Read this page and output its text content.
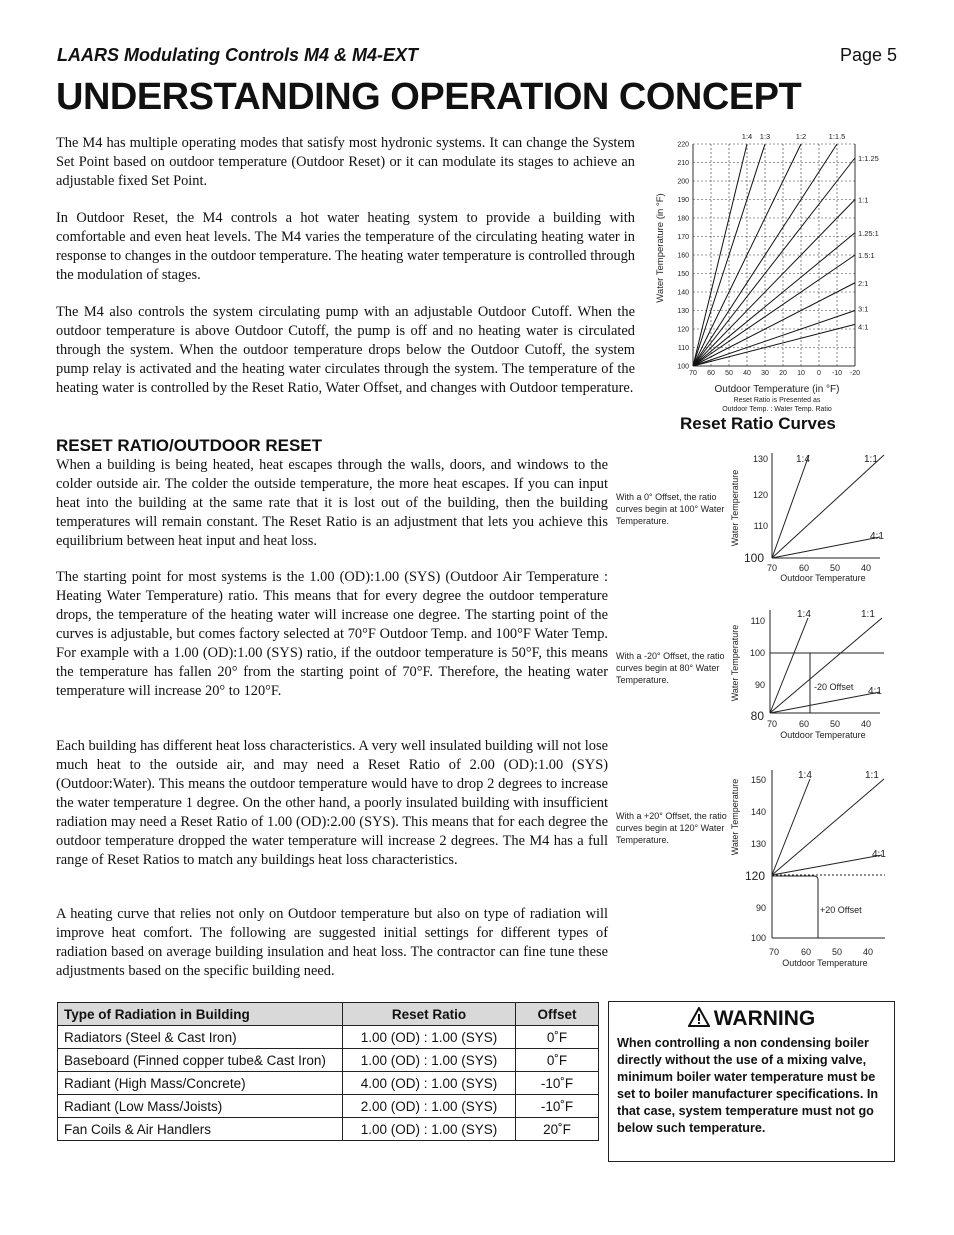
LAARS Modulating Controls M4 & M4-EXT	Page 5
UNDERSTANDING OPERATION CONCEPT

The M4 has multiple operating modes that satisfy most hydronic systems. It can change the System Set Point based on outdoor temperature (Outdoor Reset) or it can modulate its stages to achieve an adjustable fixed Set Point.

In Outdoor Reset, the M4 controls a hot water heating system to provide a building with comfortable and even heat levels. The M4 varies the temperature of the circulating heating water in response to changes in the outdoor temperature. The heating water temperature is controlled through the modulation of stages.

The M4 also controls the system circulating pump with an adjustable Outdoor Cutoff. When the outdoor temperature is above Outdoor Cutoff, the pump is off and no heating water is circulated through the system. When the outdoor temperature drops below the Outdoor Cutoff, the system pump relay is activated and the heating water circulates through the system. The temperature of the heating water is controlled by the Reset Ratio, Water Offset, and changes with Outdoor temperature.

RESET RATIO/OUTDOOR RESET

When a building is being heated, heat escapes through the walls, doors, and windows to the colder outside air. The colder the outside temperature, the more heat escapes. If you can input heat into the building at the same rate that it is lost out of the building, then the building temperatures will remain constant. The Reset Ratio is an adjustment that lets you achieve this equilibrium between heat input and heat loss.

The starting point for most systems is the 1.00 (OD):1.00 (SYS) (Outdoor Air Temperature : Heating Water Temperature) ratio. This means that for every degree the outdoor temperature drops, the temperature of the heating water will increase one degree. The starting point of the curves is adjustable, but comes factory selected at 70°F Outdoor Temp. and 100°F Water Temp. For example with a 1.00 (OD):1.00 (SYS) ratio, if the outdoor temperature is 50°F, this means the temperature has fallen 20° from the starting point of 70°F. Therefore, the heating water temperature will increase 20° to 120°F.

Each building has different heat loss characteristics. A very well insulated building will not lose much heat to the outside air, and may need a Reset Ratio of 2.00 (OD):1.00 (SYS) (Outdoor:Water). This means the outdoor temperature would have to drop 2 degrees to increase the water temperature 1 degree. On the other hand, a poorly insulated building with insufficient radiation may need a Reset Ratio of 1.00 (OD):2.00 (SYS). This means that for each degree the outdoor temperature dropped the water temperature will increase 2 degrees. The M4 has a full range of Reset Ratios to match any buildings heat loss characteristics.

A heating curve that relies not only on Outdoor temperature but also on type of radiation will improve heat comfort. The following are suggested initial settings for different types of radiation based on average building insulation and heat loss. The contractor can fine tune these adjustments based on the specific building need.

70 60 50 40 30 20 10 0 -10 -20
100
110
120
130
140
150
160
170
180
190
200
210
220
1:4 1:3	1:2	1:1.5
1:1.25
1:1
1.25:1
1.5:1
2:1
3:1
4:1
Water Temperature (in °F)
Outdoor Temperature (in °F)
Reset Ratio is Presented as
Outdoor Temp. : Water Temp. Ratio
Reset Ratio Curves

With a 0° Offset, the ratio curves begin at 100° Water Temperature.

With a -20° Offset, the ratio curves begin at 80° Water Temperature.

With a +20° Offset, the ratio curves begin at 120° Water Temperature.

Water Temperature
130
120
110
100
1:4	1:1
4:1
70 60 50 40
Outdoor Temperature
Water Temperature
110
100
90
80
1:4	1:1
4:1
-20 Offset
70 60 50 40
Outdoor Temperature
Water Temperature 150
140
130
120
90
100
1:4	1:1
4:1
+20 Offset
70 60 50 40
Outdoor Temperature
Type of Radiation in Building	Reset Ratio	Offset
Radiators (Steel & Cast Iron)	1.00 (OD) : 1.00 (SYS)	0˚F
Baseboard (Finned copper tube& Cast Iron)	1.00 (OD) : 1.00 (SYS)	0˚F
Radiant (High Mass/Concrete)	4.00 (OD) : 1.00 (SYS)	-10˚F
Radiant (Low Mass/Joists)	2.00 (OD) : 1.00 (SYS)	-10˚F
Fan Coils & Air Handlers	1.00 (OD) : 1.00 (SYS)	20˚F
WARNING
When controlling a non condensing boiler directly without the use of a mixing valve, minimum boiler water temperature must be set to boiler manufacturer specifications. In that case, system temperature must not go below such temperature.
